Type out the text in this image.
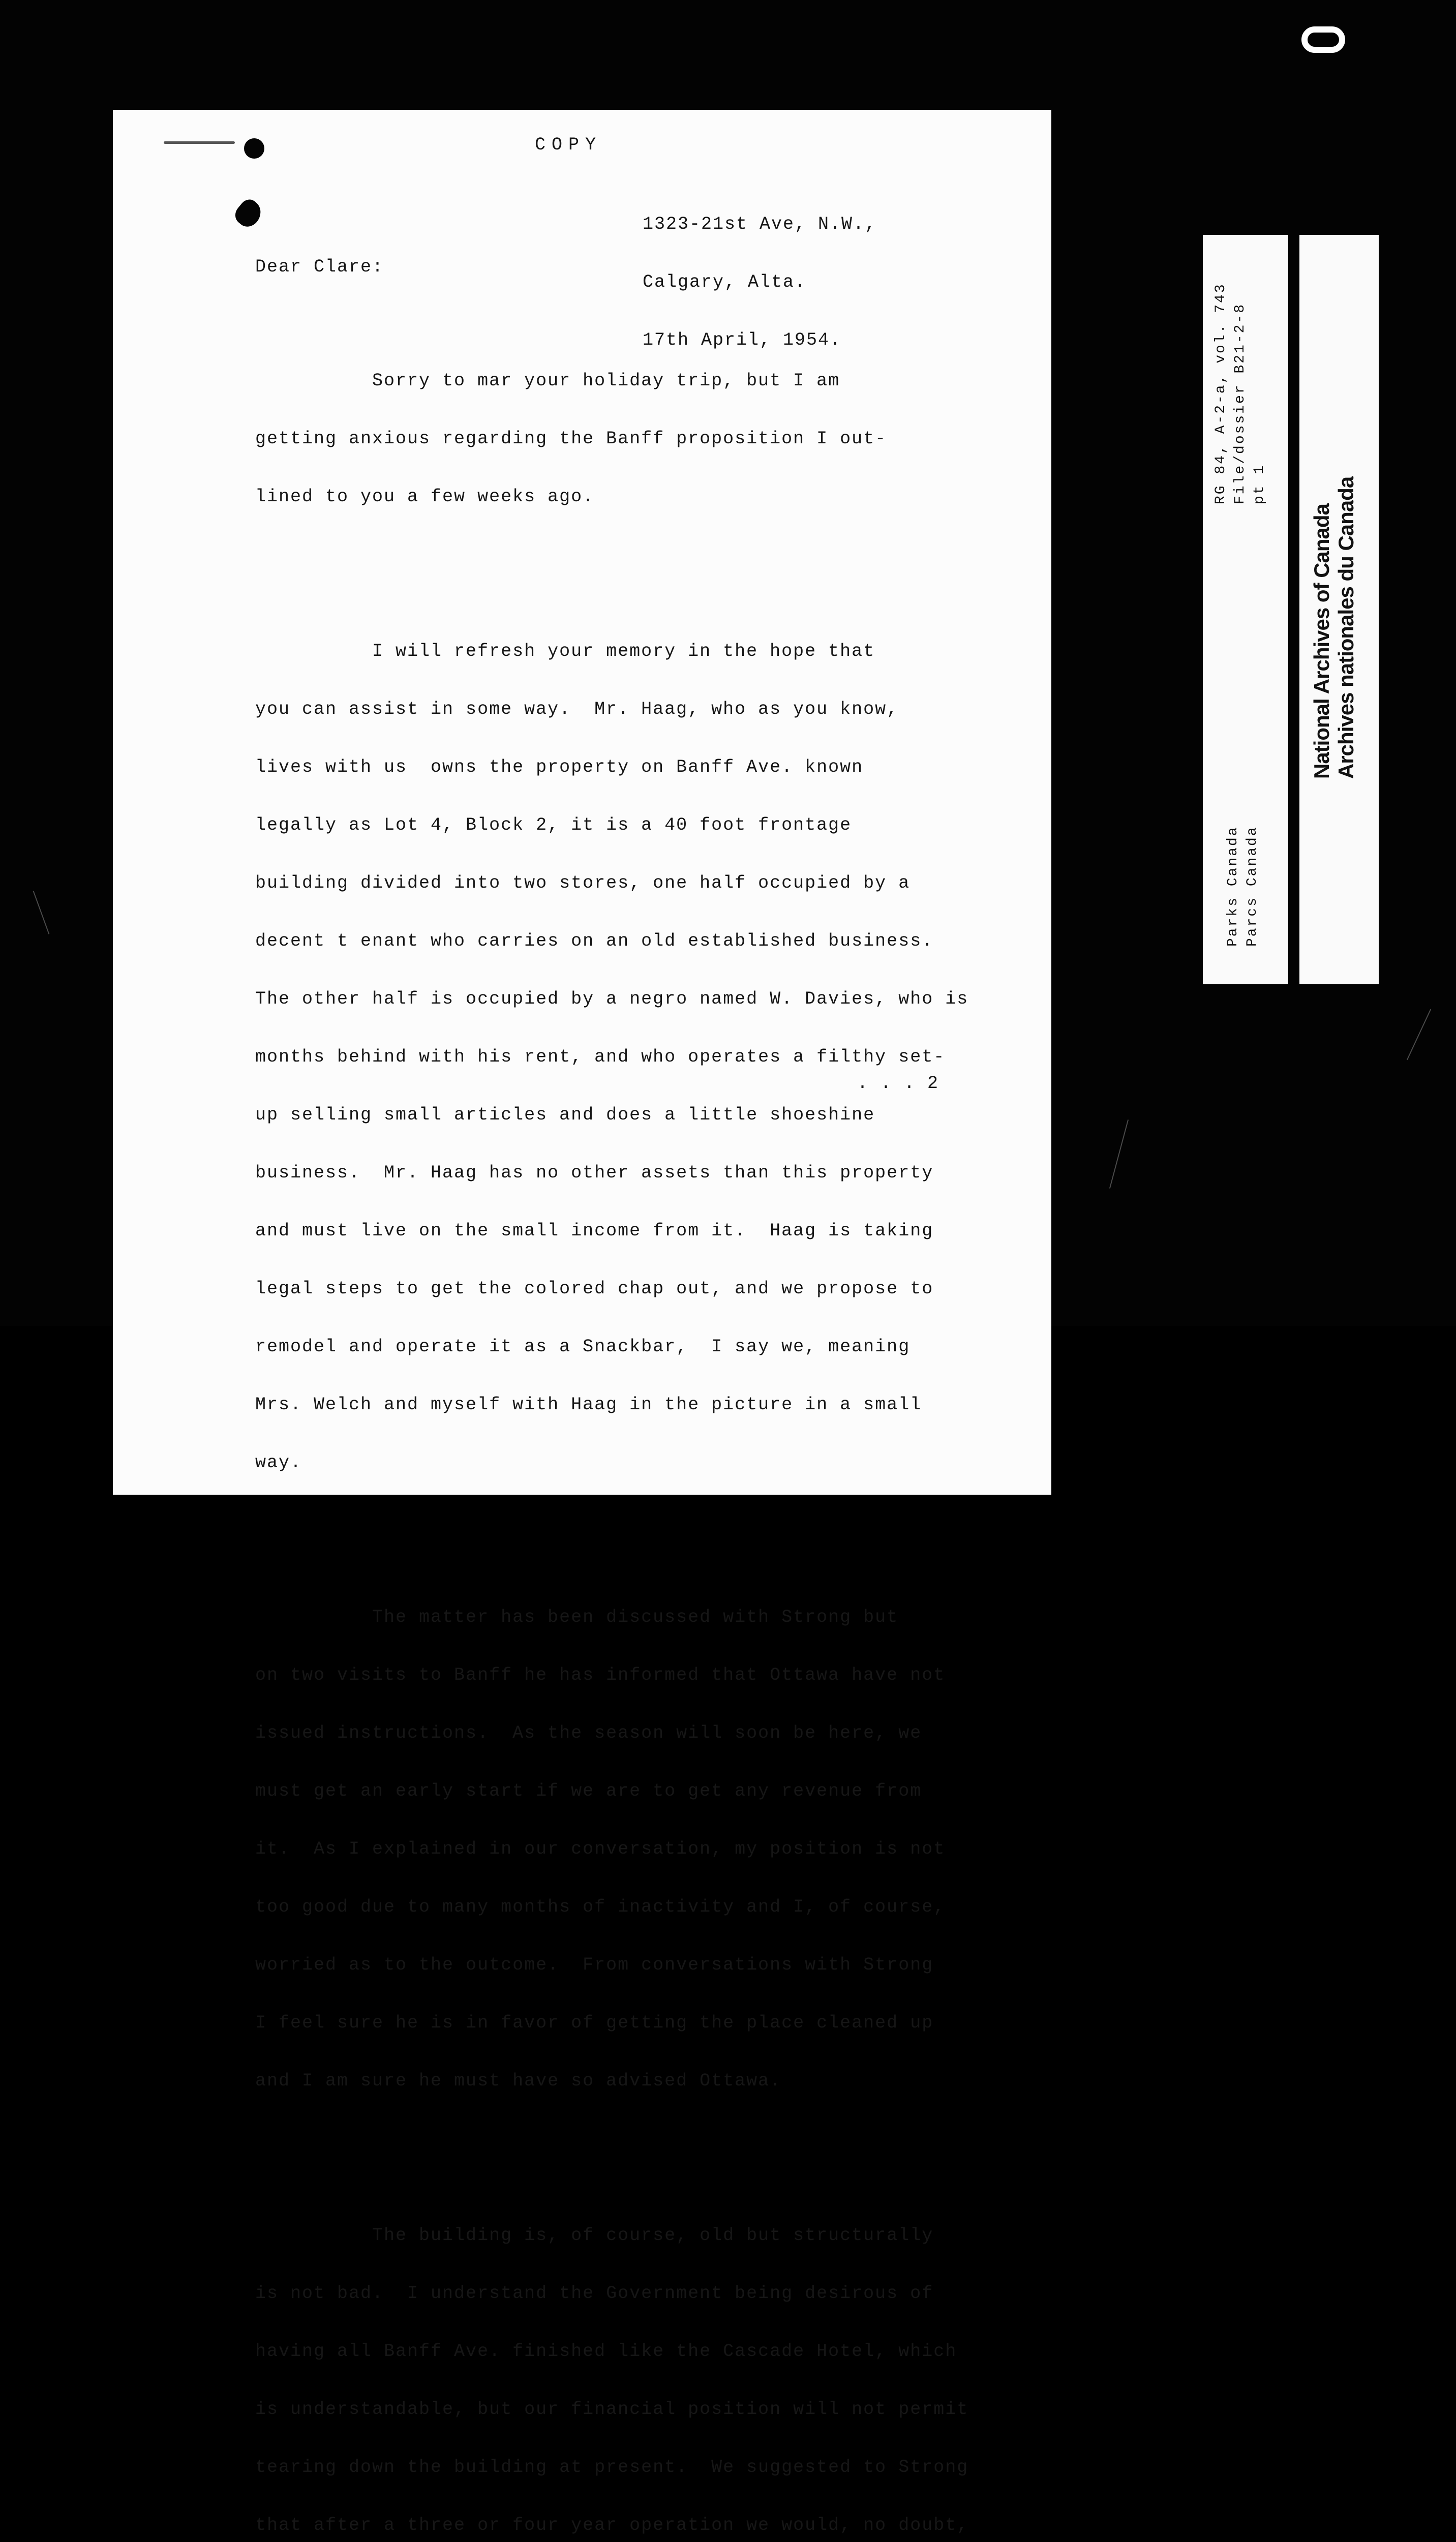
COPY

1323-21st Ave, N.W.,

Calgary, Alta.

17th April, 1954.

Dear Clare:

Sorry to mar your holiday trip, but I am

getting anxious regarding the Banff proposition I out-

lined to you a few weeks ago.

I will refresh your memory in the hope that

you can assist in some way.  Mr. Haag, who as you know,

lives with us  owns the property on Banff Ave. known

legally as Lot 4, Block 2, it is a 40 foot frontage

building divided into two stores, one half occupied by a

decent t enant who carries on an old established business.

The other half is occupied by a negro named W. Davies, who is

months behind with his rent, and who operates a filthy set-

up selling small articles and does a little shoeshine

business.  Mr. Haag has no other assets than this property

and must live on the small income from it.  Haag is taking

legal steps to get the colored chap out, and we propose to

remodel and operate it as a Snackbar,  I say we, meaning

Mrs. Welch and myself with Haag in the picture in a small

way.

The matter has been discussed with Strong but

on two visits to Banff he has informed that Ottawa have not

issued instructions.  As the season will soon be here, we

must get an early start if we are to get any revenue from

it.  As I explained in our conversation, my position is not

too good due to many months of inactivity and I, of course,

worried as to the outcome.  From conversations with Strong

I feel sure he is in favor of getting the place cleaned up

and I am sure he must have so advised Ottawa.

The building is, of course, old but structurally

is not bad.  I understand the Government being desirous of

having all Banff Ave. finished like the Cascade Hotel, which

is understandable, but our financial position will not permit

tearing down the building at present.  We suggested to Strong

that after a three or four year operation we would, no doubt,

. . . 2
RG 84, A-2-a, vol. 743 File/dossier B21-2-8 pt 1
Parks Canada Parcs Canada
National Archives of Canada Archives nationales du Canada
